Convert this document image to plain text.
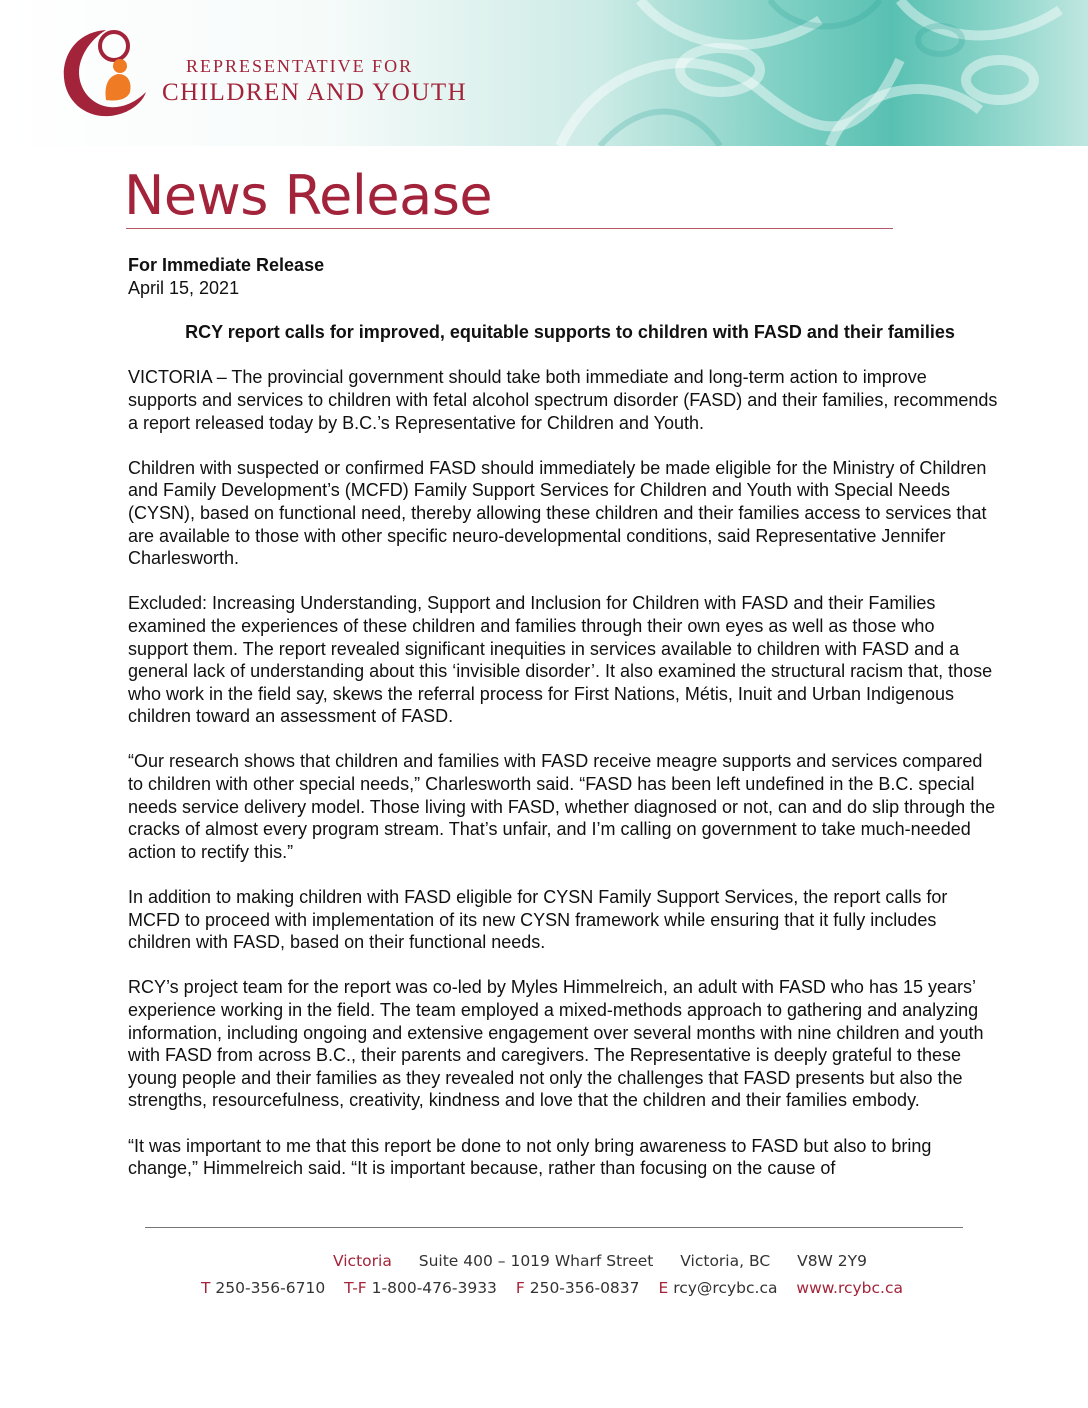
REPRESENTATIVE FOR
CHILDREN AND YOUTH
News Release

For Immediate Release

April 15, 2021

RCY report calls for improved, equitable supports to children with FASD and their families

VICTORIA – The provincial government should take both immediate and long-term action to improve supports and services to children with fetal alcohol spectrum disorder (FASD) and their families, recommends a report released today by B.C.’s Representative for Children and Youth.

Children with suspected or confirmed FASD should immediately be made eligible for the Ministry of Children and Family Development’s (MCFD) Family Support Services for Children and Youth with Special Needs (CYSN), based on functional need, thereby allowing these children and their families access to services that are available to those with other specific neuro-developmental conditions, said Representative Jennifer Charlesworth.

Excluded: Increasing Understanding, Support and Inclusion for Children with FASD and their Families examined the experiences of these children and families through their own eyes as well as those who support them. The report revealed significant inequities in services available to children with FASD and a general lack of understanding about this ‘invisible disorder’. It also examined the structural racism that, those who work in the field say, skews the referral process for First Nations, Métis, Inuit and Urban Indigenous children toward an assessment of FASD.

“Our research shows that children and families with FASD receive meagre supports and services compared to children with other special needs,” Charlesworth said. “FASD has been left undefined in the B.C. special needs service delivery model. Those living with FASD, whether diagnosed or not, can and do slip through the cracks of almost every program stream. That’s unfair, and I’m calling on government to take much-needed action to rectify this.”

In addition to making children with FASD eligible for CYSN Family Support Services, the report calls for MCFD to proceed with implementation of its new CYSN framework while ensuring that it fully includes children with FASD, based on their functional needs.

RCY’s project team for the report was co-led by Myles Himmelreich, an adult with FASD who has 15 years’ experience working in the field. The team employed a mixed-methods approach to gathering and analyzing information, including ongoing and extensive engagement over several months with nine children and youth with FASD from across B.C., their parents and caregivers. The Representative is deeply grateful to these young people and their families as they revealed not only the challenges that FASD presents but also the strengths, resourcefulness, creativity, kindness and love that the children and their families embody.

“It was important to me that this report be done to not only bring awareness to FASD but also to bring change,” Himmelreich said. “It is important because, rather than focusing on the cause of

Victoria Suite 400 – 1019 Wharf Street Victoria, BC V8W 2Y9
T 250-356-6710 T-F 1-800-476-3933 F 250-356-0837 E rcy@rcybc.ca www.rcybc.ca
